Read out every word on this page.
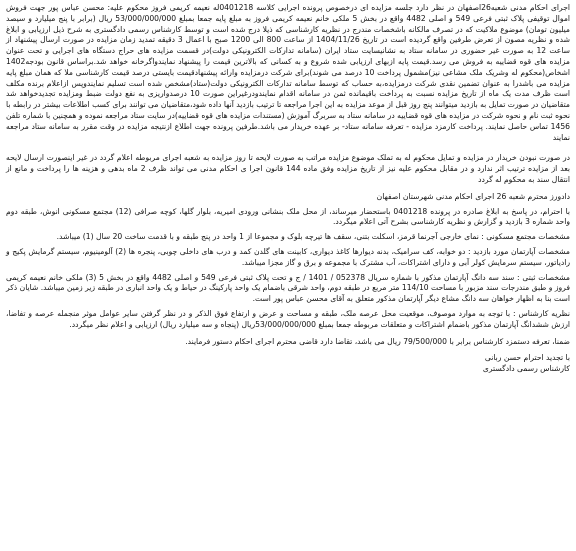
اجرای احکام مدنی شعبه26اصفهان در نظر دارد جلسه مزایده ای درخصوص پرونده اجرایی کلاسه 0401218له نعیمه کریمی فروز محکوم علیه: محسن عباس پور جهت فروش اموال توقیفی پلاک ثبتی فرعی 549 و اصلی 4482 واقع در بخش 5 ملکی خانم نعیمه کریمی فروز به مبلغ پایه جمعا بمبلغ 53/000/000/000 ریال (برابر با پنج میلیارد و سیصد میلیون تومان) موضوع ملاکیت که در تصرف مالکانه باشخصات مندرج در نظریه کارشناسی که ذیلا درج شده است و توسط کارشناس رسمی دادگستری به شرح ذیل ارزیابی و ابلاغ شده و نظریه مصون از تعرض طرفین واقع گردیده است در تاریخ 1404/11/26 از ساعت 800 الی 1200 صبح با اعمال 3 دقیقه تمدید زمان مزایده در صورت ارسال پیشنهاد از ساعت 12 به صورت غیر حضوری در سامانه ستاد به نشانیسایت ستاد ایران (سامانه تدارکات الکترونیکی دولت)در قسمت مزایده های حراج دستگاه های اجرایی و تحت عنوان مزایده های قوه قضاییه به فروش می رسد.قیمت پایه ازبهای ارزیابی شده شروع و به کسانی که بالاترین قیمت را پیشنهاد نمایندواگرخانه خواهد شد.براساس قانون بودجه1402 اشخاص(محکوم له وشریک ملک مشاعی نیز)مشمول پرداخت 10 درصد می شوند)برای شرکت درمزایده وارائه پیشنهادقیمت بایستی درصد قیمت کارشناسی ملا که همان مبلغ پایه مزایده می باشدرا به عنوان تضمین نقدی شرکت درمزایده،به حساب که توسط سامانه تدارکات الکترونیکی دولت(ستاد)مشخص شده است تسلیم نمایندوپس ازاعلام برنده مکلف است ظرف مدت یک ماه از تاریخ مزایده نسبت به پرداخت باقیمانده ثمن در سامانه اقدام نمایندودرغیراین صورت 10 درصدواریزی به نفع دولت ضبط ومزایده تجدیدخواهد شد متقاضیان در صورت تمایل به بازدید میتوانند پنج روز قبل از موعد مزایده به این اجرا مراجعه تا ترتیب بازدید آنها داده شود،متقاضیان می توانند برای کسب اطلاعات بیشتر در رابطه با نحوه ثبت نام و نحوه شرکت در مزایده های قوه قضاییه در سامانه ستاد به سربرگ آموزش (مستندات مزایده های قوه قضاییه)در سایت ستاد مراجعه نموده و همچنین با شماره تلفن 1456 تماس حاصل نمایند. پرداخت کارمزد مزایده - تعرفه سامانه ستاد- بر عهده خریدار می باشد.طرفین پرونده جهت اطلاع ازنتیجه مزایده در وقت مقرر به سامانه ستاد مراجعه نمایند

در صورت نبودن خریدار در مزایده و تمایل محکوم له به تملک موضوع مزایده مراتب به صورت لایحه تا روز مزایده به شعبه اجرای مربوطه اعلام گردد در غیر اینصورت ارسال لایحه بعد از مزایده ترتیب اثر ندارد و در مقابل محکوم علیه نیز از تاریخ مزایده وفق ماده 144 قانون اجرا ی احکام مدنی می تواند ظرف 2 ماه بدهی و هزینه ها را پرداخت و مانع از انتقال سند به محکوم له گردد

دادورز محترم شعبه 26 اجرای احکام مدنی شهرستان اصفهان

با احترام، در پاسخ به ابلاغ صادره در پرونده 0401218 باستحضار میرساند، از محل ملک بنشانی ورودی امیریه، بلوار گلها، کوچه صرافی (12) مجتمع مسکونی انوش، طبقه دوم واحد شماره 3 بازدید و گزارش و نظریه کارشناسی بشرح آتی اعلام میگردد.

مشخصات مجتمع مسکونی : نمای خارجی آجرنما قرمز، اسکلت بتنی، سقف ها تیرچه بلوک و مجموعا از 1 واحد در پنج طبقه و با قدمت ساخت 20 سال (1) میباشد.

مشخصات آپارتمان مورد بازدید : دو خوابه، کف سرامیک، بدنه دیوارها کاغذ دیواری، کابینت های گلدن کمد و درب های داخلی چوبی، پنجره ها (2) آلومینیوم، سیستم گرمایش پکیج و رادیاتور، سیستم سرمایش کولر آبی و دارای اشتراکات، آب مشترک با مجموعه و برق و گاز مجزا میباشد.

مشخصات ثبتی : سند سه دانگ آپارتمان مذکور با شماره سریال 052378 / 1401 / ج و تحت پلاک ثبتی فرعی 549 و اصلی 4482 واقع در بخش 5 (3) ملکی خانم نعیمه کریمی فروز و طبق مندرجات سند مزبور با مساحت 114/10 متر مربع در طبقه دوم، واحد شرقی باضمام یک واحد پارکینگ در حیاط و یک واحد انباری در طبقه زیر زمین میباشد. شایان ذکر است بنا به اظهار خواهان سه دانگ مشاع دیگر آپارتمان مذکور متعلق به آقای محسن عباس پور است.

نظریه کارشناس : با توجه به موارد موصوف، موقعیت محل عرصه ملک، طبقه و مساحت و عرض و ارتفاع فوق الذکر و در نظر گرفتن سایر عوامل موثر منجمله عرصه و تفاضا، ارزش ششدانگ آپارتمان مذکور باضمام اشتراکات و متعلقات مربوطه جمعا بمبلغ 53/000/000/000ریال (پنجاه و سه میلیارد ریال) ارزیابی و اعلام نظر میگردد.

ضمنا، تعرفه دستمزد کارشناس برابر با 79/500/000 ریال می باشد، تقاضا دارد قاضی محترم اجرای احکام دستور فرمایند.

با تجدید احترام حسن ربانی

کارشناس رسمی دادگستری
